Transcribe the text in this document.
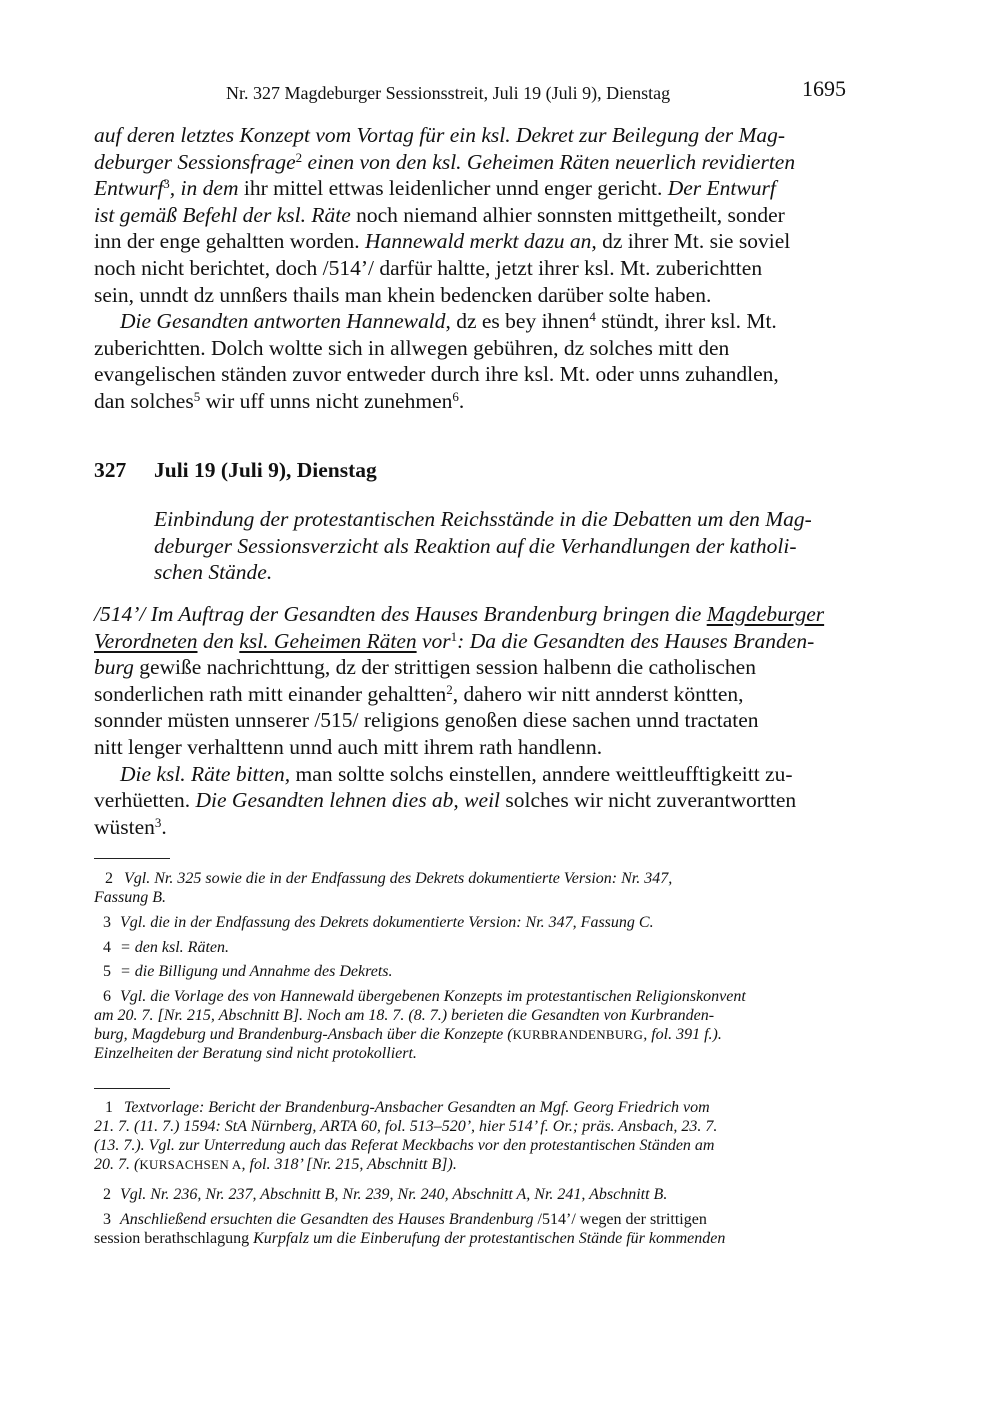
Nr. 327 Magdeburger Sessionsstreit, Juli 19 (Juli 9), Dienstag	1695

auf deren letztes Konzept vom Vortag für ein ksl. Dekret zur Beilegung der Mag-
deburger Sessionsfrage$^2$ einen von den ksl. Geheimen Räten neuerlich revidierten
Entwurf$^3$, in dem ihr mittel ettwas leidenlicher unnd enger gericht. Der Entwurf
ist gemäß Befehl der ksl. Räte noch niemand alhier sonnsten mittgetheilt, sonder
inn der enge gehaltten worden. Hannewald merkt dazu an, dz ihrer Mt. sie soviel
noch nicht berichtet, doch /514’/ darfür haltte, jetzt ihrer ksl. Mt. zuberichtten
sein, unndt dz unnßers thails man khein bedencken darüber solte haben.

Die Gesandten antworten Hannewald, dz es bey ihnen$^4$ stündt, ihrer ksl. Mt.
zuberichtten. Dolch woltte sich in allwegen gebühren, dz solches mitt den
evangelischen ständen zuvor entweder durch ihre ksl. Mt. oder unns zuhandlen,
dan solches$^5$ wir uff unns nicht zunehmen$^6$.

327 Juli 19 (Juli 9), Dienstag
Einbindung der protestantischen Reichsstände in die Debatten um den Mag-
deburger Sessionsverzicht als Reaktion auf die Verhandlungen der katholi-
schen Stände.

/514’/ Im Auftrag der Gesandten des Hauses Brandenburg bringen die Magdeburger
Verordneten den ksl. Geheimen Räten vor$^1$: Da die Gesandten des Hauses Branden-
burg gewiße nachrichttung, dz der strittigen session halbenn die catholischen
sonderlichen rath mitt einander gehaltten$^2$, dahero wir nitt annderst köntten,
sonnder müsten unnserer /515/ religions genoßen diese sachen unnd tractaten
nitt lenger verhalttenn unnd auch mitt ihrem rath handlenn.

Die ksl. Räte bitten, man soltte solchs einstellen, anndere weittleufftigkeitt zu-
verhüetten. Die Gesandten lehnen dies ab, weil solches wir nicht zuverantwortten
wüsten$^3$.

2 Vgl. Nr. 325 sowie die in der Endfassung des Dekrets dokumentierte Version: Nr. 347,
Fassung B.
3 Vgl. die in der Endfassung des Dekrets dokumentierte Version: Nr. 347, Fassung C.
4 = den ksl. Räten.
5 = die Billigung und Annahme des Dekrets.
6 Vgl. die Vorlage des von Hannewald übergebenen Konzepts im protestantischen Religionskonvent
am 20. 7. [Nr. 215, Abschnitt B]. Noch am 18. 7. (8. 7.) berieten die Gesandten von Kurbranden-
burg, Magdeburg und Brandenburg-Ansbach über die Konzepte (KURBRANDENBURG, fol. 391 f.).
Einzelheiten der Beratung sind nicht protokolliert.
1 Textvorlage: Bericht der Brandenburg-Ansbacher Gesandten an Mgf. Georg Friedrich vom
21. 7. (11. 7.) 1594: StA Nürnberg, ARTA 60, fol. 513–520’, hier 514’ f. Or.; präs. Ansbach, 23. 7.
(13. 7.). Vgl. zur Unterredung auch das Referat Meckbachs vor den protestantischen Ständen am
20. 7. (KURSACHSEN A, fol. 318’ [Nr. 215, Abschnitt B]).
2 Vgl. Nr. 236, Nr. 237, Abschnitt B, Nr. 239, Nr. 240, Abschnitt A, Nr. 241, Abschnitt B.
3 Anschließend ersuchten die Gesandten des Hauses Brandenburg /514’/ wegen der strittigen
session berathschlagung Kurpfalz um die Einberufung der protestantischen Stände für kommenden
